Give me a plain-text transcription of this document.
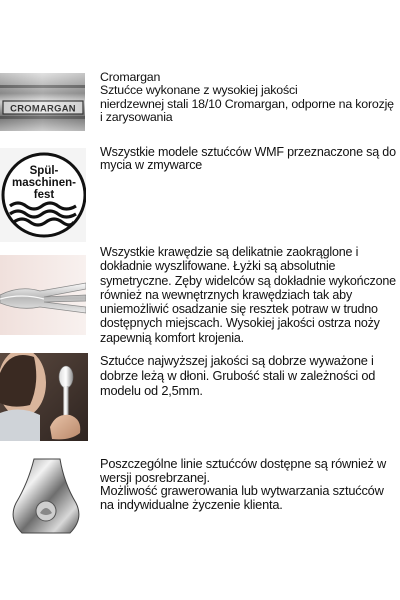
CROMARGAN

Cromargan

Sztućce wykonane z wysokiej jakości

nierdzewnej stali 18/10 Cromargan, odporne na korozję

i zarysowania

Spül-
maschinen-
fest

Wszystkie modele sztućców WMF przeznaczone są do

mycia w zmywarce

Wszystkie krawędzie są delikatnie zaokrąglone i

dokładnie wyszlifowane. Łyżki są absolutnie

symetryczne. Zęby widelców są dokładnie wykończone

również na wewnętrznych krawędziach tak aby

uniemożliwić osadzanie się resztek potraw w trudno

dostępnych miejscach. Wysokiej jakości ostrza noży

zapewnią komfort krojenia.

Sztućce najwyższej jakości są dobrze wyważone i

dobrze leżą w dłoni. Grubość stali w zależności od

modelu od 2,5mm.

Poszczególne linie sztućców dostępne są również w

wersji posrebrzanej.

Możliwość grawerowania lub wytwarzania sztućców

na indywidualne życzenie klienta.
